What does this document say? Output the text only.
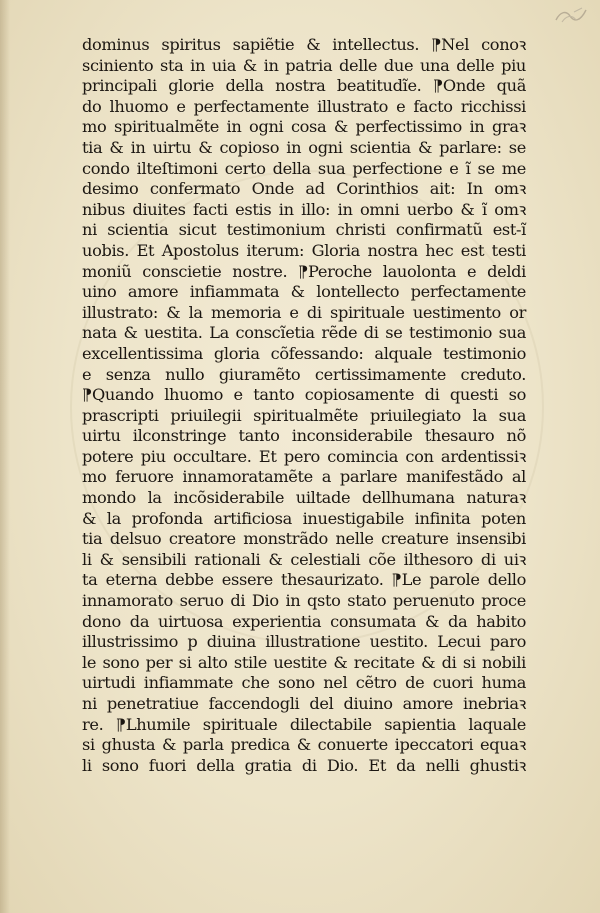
dominus spiritus sapiẽtie & intellectus. ⁋Nel conoꝛ
sciniento sta in uia & in patria delle due una delle piu
principali glorie della nostra beatitudĩe. ⁋Onde quã
do lhuomo e perfectamente illustrato e facto ricchissi
mo spiritualmẽte in ogni cosa & perfectissimo in graꝛ
tia & in uirtu & copioso in ogni scientia & parlare: se
condo ilteſtimoni certo della sua perfectione e ĩ se me
desimo confermato Onde ad Corinthios ait: In omꝛ
nibus diuites facti estis in illo: in omni uerbo & ĩ omꝛ
ni scientia sicut testimonium christi confirmatũ est-ĩ
uobis. Et Apostolus iterum: Gloria nostra hec est testi
moniũ conscietie nostre. ⁋Peroche lauolonta e deldi
uino amore infiammata & lontellecto perfectamente
illustrato: & la memoria e di spirituale uestimento or
nata & uestita. La conscĩetia rẽde di se testimonio sua
excellentissima gloria cõfessando: alquale testimonio
e senza nullo giuramẽto certissimamente creduto.
⁋Quando lhuomo e tanto copiosamente di questi so
prascripti priuilegii spiritualmẽte priuilegiato la sua
uirtu ilconstringe tanto inconsiderabile thesauro nõ
potere piu occultare. Et pero comincia con ardentissiꝛ
mo feruore innamoratamẽte a parlare manifestãdo al
mondo la incõsiderabile uiltade dellhumana naturaꝛ
& la profonda artificiosa inuestigabile infinita poten
tia delsuo creatore monstrãdo nelle creature insensibi
li & sensibili rationali & celestiali cõe ilthesoro di uiꝛ
ta eterna debbe essere thesaurizato. ⁋Le parole dello
innamorato seruo di Dio in qsto stato peruenuto proce
dono da uirtuosa experientia consumata & da habito
illustrissimo p diuina illustratione uestito. Lecui paro
le sono per si alto stile uestite & recitate & di si nobili
uirtudi infiammate che sono nel cẽtro de cuori huma
ni penetratiue faccendogli del diuino amore inebriaꝛ
re. ⁋Lhumile spirituale dilectabile sapientia laquale
si ghusta & parla predica & conuerte ipeccatori equaꝛ
li sono fuori della gratia di Dio. Et da nelli ghustiꝛ
